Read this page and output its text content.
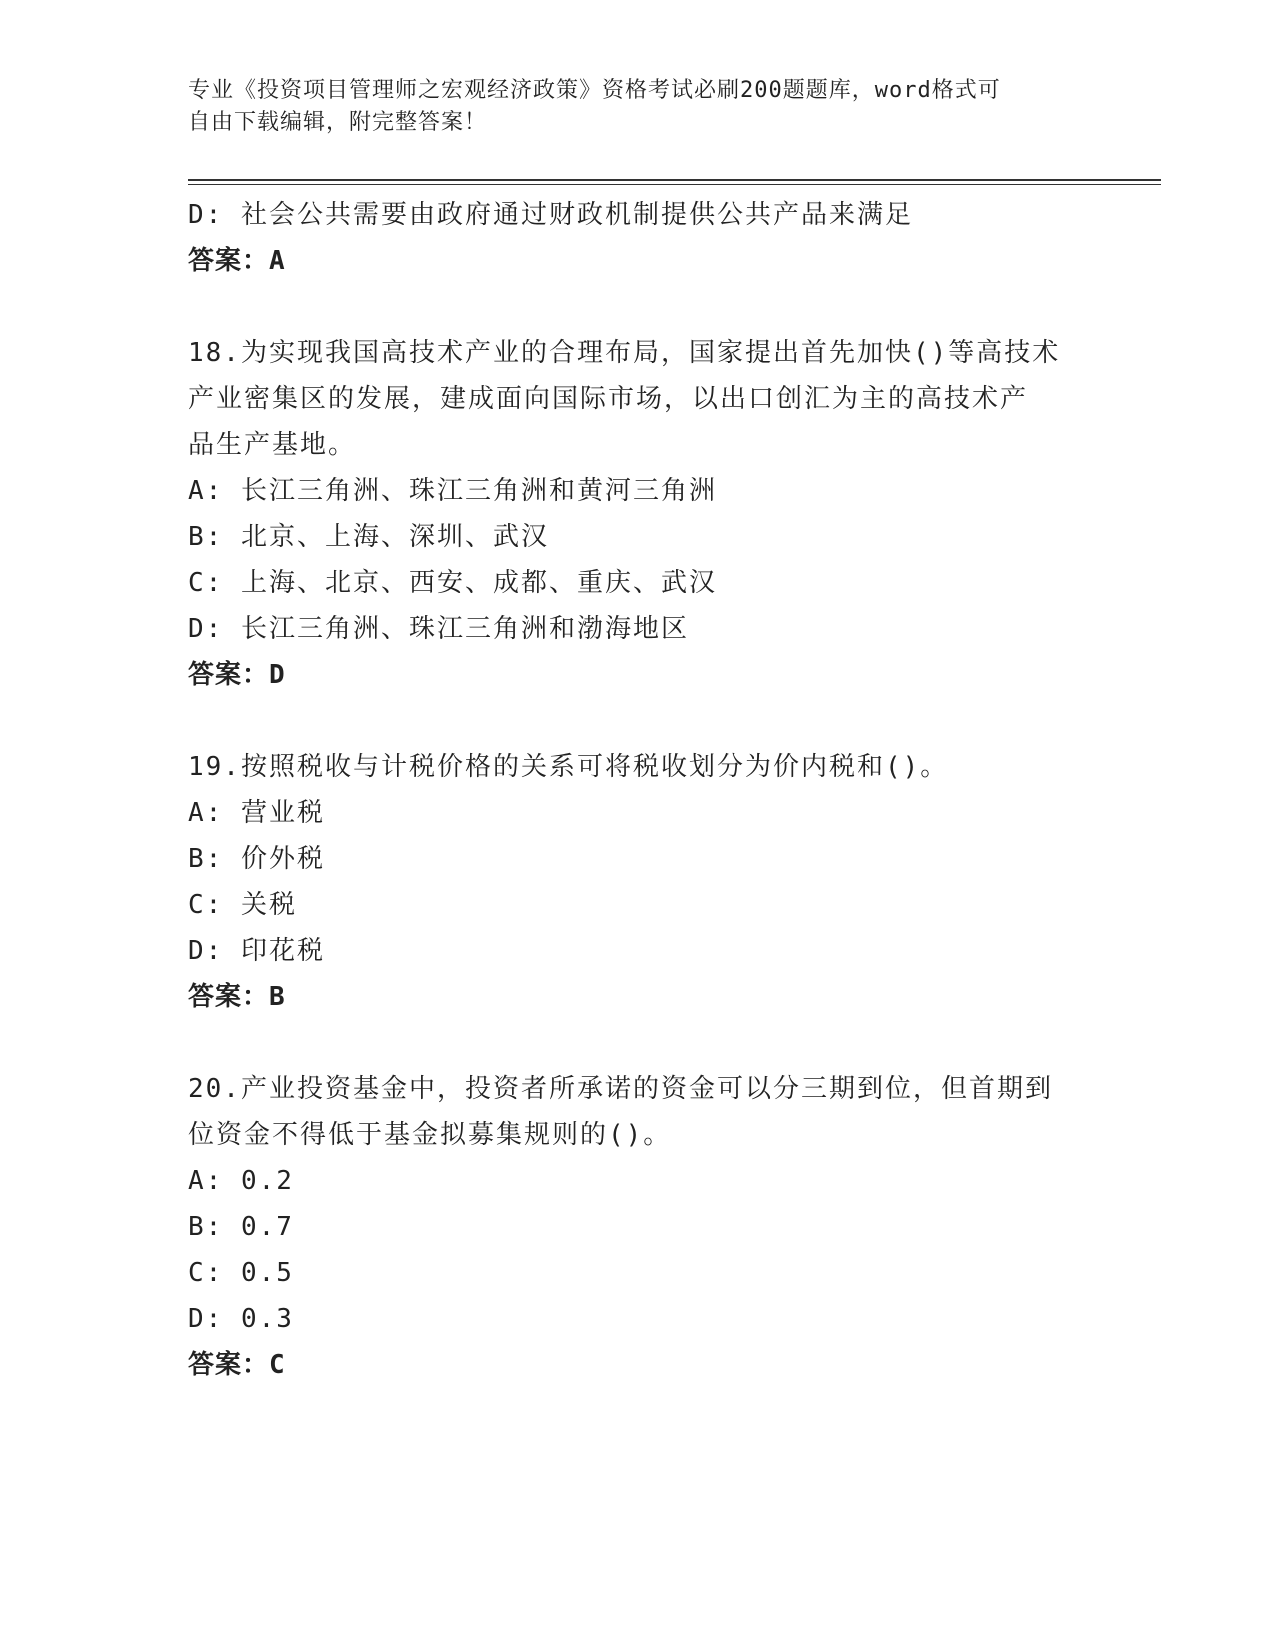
专业《投资项目管理师之宏观经济政策》资格考试必刷200题题库，word格式可
自由下载编辑，附完整答案！
D: 社会公共需要由政府通过财政机制提供公共产品来满足
答案：A
18.为实现我国高技术产业的合理布局，国家提出首先加快()等高技术
产业密集区的发展，建成面向国际市场，以出口创汇为主的高技术产
品生产基地。
A: 长江三角洲、珠江三角洲和黄河三角洲
B: 北京、上海、深圳、武汉
C: 上海、北京、西安、成都、重庆、武汉
D: 长江三角洲、珠江三角洲和渤海地区
答案：D
19.按照税收与计税价格的关系可将税收划分为价内税和()。
A: 营业税
B: 价外税
C: 关税
D: 印花税
答案：B
20.产业投资基金中，投资者所承诺的资金可以分三期到位，但首期到
位资金不得低于基金拟募集规则的()。
A: 0.2
B: 0.7
C: 0.5
D: 0.3
答案：C
